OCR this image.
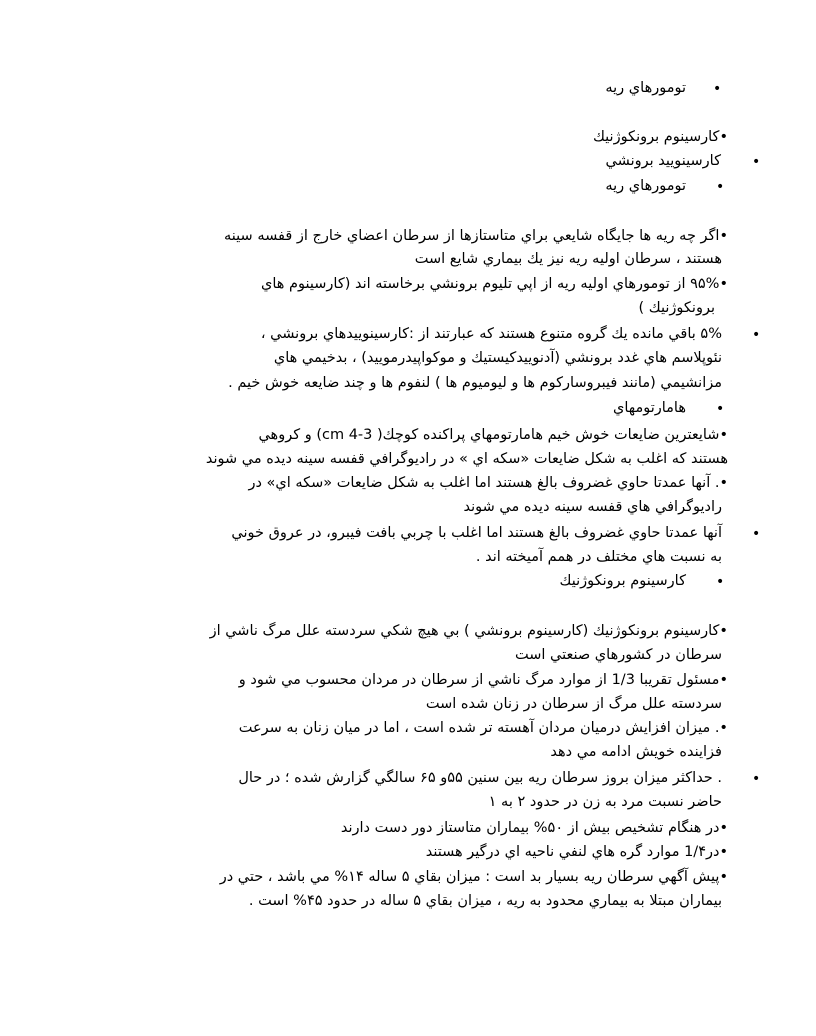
•
تومورهاي ريه
•كارسينوم برونكوژنيك
•
كارسينوييد برونشي
•
تومورهاي ريه
•اگر چه ريه ها جايگاه شايعي براي متاستازها از سرطان اعضاي خارج از قفسه سينه
هستند ، سرطان اوليه ريه نيز يك بيماري شايع است
•۹۵% از تومورهاي اوليه ريه از اپي تليوم برونشي برخاسته اند (كارسينوم هاي
برونكوژنيك )
•
۵% باقي مانده يك گروه متنوع هستند كه عبارتند از :كارسينوييدهاي برونشي ،
نئوپلاسم هاي غدد برونشي (آدنوييدكيستيك و موكواپيدرموييد) ، بدخيمي هاي
مزانشيمي (مانند فيبروساركوم ها و ليوميوم ها ) لنفوم ها و چند ضايعه خوش خيم .
•
هامارتومهاي
•شايعترين ضايعات خوش خيم هامارتومهاي پراكنده كوچك( cm 4-3) و كروهي
هستند كه اغلب به شكل ضايعات «سكه اي » در راديوگرافي قفسه سينه ديده مي شوند
•. آنها عمدتا حاوي غضروف بالغ هستند اما اغلب به شكل ضايعات «سكه اي» در
راديوگرافي هاي قفسه سينه ديده مي شوند
•
آنها عمدتا حاوي غضروف بالغ هستند اما اغلب با چربي بافت فيبرو، در عروق خوني
به نسبت هاي مختلف در همم آميخته اند .
•
كارسينوم برونكوژنيك
•كارسينوم برونكوژنيك (كارسينوم برونشي ) بي هيچ شكي سردسته علل مرگ ناشي از
سرطان در كشورهاي صنعتي است
•مسئول تقريبا 1/3 از موارد مرگ ناشي از سرطان در مردان محسوب مي شود و
سردسته علل مرگ از سرطان در زنان شده است
•. ميزان افزايش درميان مردان آهسته تر شده است ، اما در ميان زنان به سرعت
فزاينده خويش ادامه مي دهد
•
. حداكثر ميزان بروز سرطان ريه بين سنين ۵۵و ۶۵ سالگي گزارش شده ؛ در حال
حاضر نسبت مرد به زن در حدود ۲ به ۱
•در هنگام تشخيص بيش از ۵۰% بيماران متاستاز دور دست دارند
•در1/۴ موارد گره هاي لنفي ناحيه اي درگير هستند
•پيش آگهي سرطان ريه بسيار بد است : ميزان بقاي ۵ ساله ۱۴% مي باشد ، حتي در
بيماران مبتلا به بيماري محدود به ريه ، ميزان بقاي ۵ ساله در حدود ۴۵% است .
